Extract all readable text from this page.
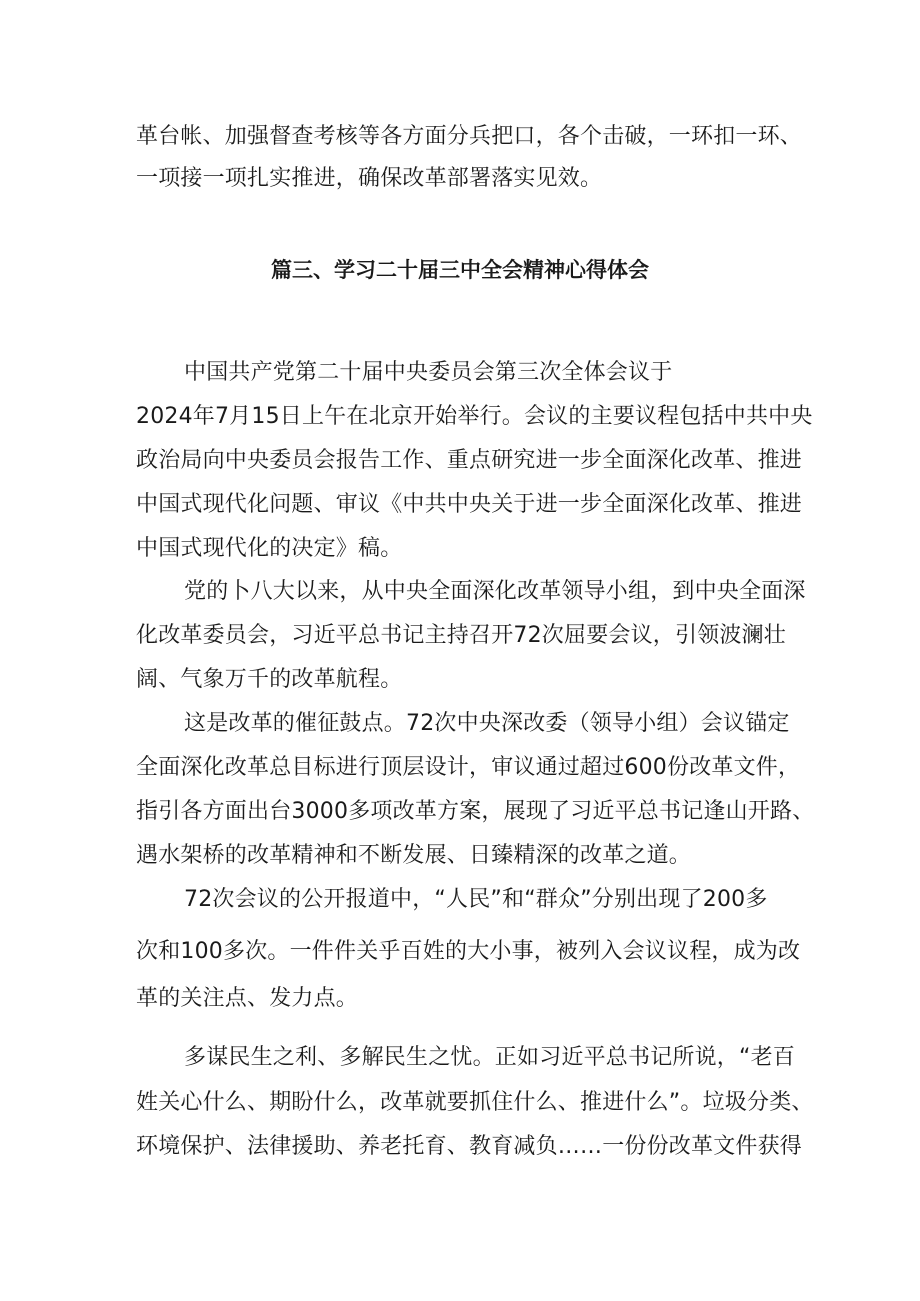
革台帐、加强督查考核等各方面分兵把口，各个击破，一环扣一环、
一项接一项扎实推进，确保改革部署落实见效。
篇三、学习二十届三中全会精神心得体会
中国共产党第二十届中央委员会第三次全体会议于
2024年7月15日上午在北京开始举行。会议的主要议程包括中共中央
政治局向中央委员会报告工作、重点研究进一步全面深化改革、推进
中国式现代化问题、审议《中共中央关于进一步全面深化改革、推进
中国式现代化的决定》稿。
党的卜八大以来，从中央全面深化改革领导小组，到中央全面深
化改革委员会，习近平总书记主持召开72次屈要会议，引领波澜壮
阔、气象万千的改革航程。
这是改革的催征鼓点。72次中央深改委（领导小组）会议锚定
全面深化改革总目标进行顶层设计，审议通过超过600份改革文件，
指引各方面出台3000多项改革方案，展现了习近平总书记逢山开路、
遇水架桥的改革精神和不断发展、日臻精深的改革之道。
72次会议的公开报道中，“人民”和“群众”分别出现了200多
次和100多次。一件件关乎百姓的大小事，被列入会议议程，成为改
革的关注点、发力点。
多谋民生之利、多解民生之忧。正如习近平总书记所说，“老百
姓关心什么、期盼什么，改革就要抓住什么、推进什么”。垃圾分类、
环境保护、法律援助、养老托育、教育减负……一份份改革文件获得
